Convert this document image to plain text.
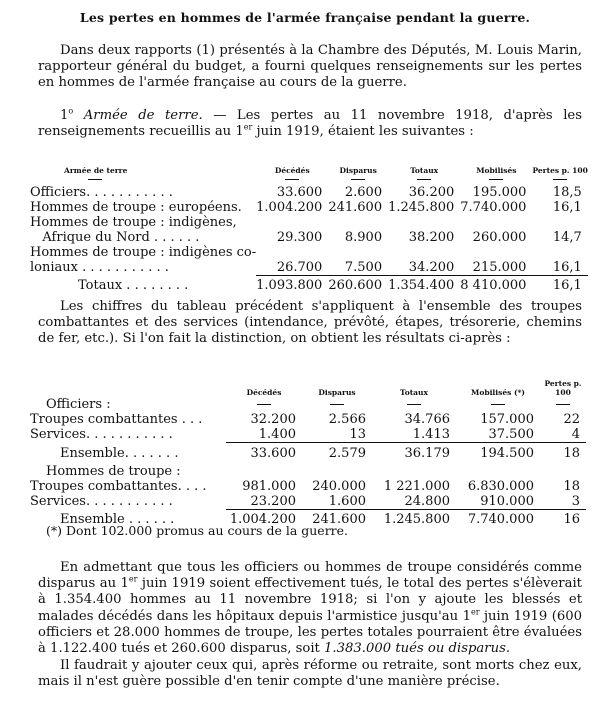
Les pertes en hommes de l'armée française pendant la guerre.

Dans deux rapports (1) présentés à la Chambre des Députés, M. Louis Marin, rapporteur général du budget, a fourni quelques renseignements sur les pertes en hommes de l'armée française au cours de la guerre.

1$^o$ Armée de terre. — Les pertes au 11 novembre 1918, d'après les renseignements recueillis au 1er juin 1919, étaient les suivantes :

Armée de terre	Décédés	Disparus	Totaux	Mobilisés	Pertes p. 100

Officiers. . . . . . . . . . .	33.600	2.600	36.200	195.000	18,5
Hommes de troupe : européens.	1.004.200	241.600	1.245.800	7.740.000	16,1
Hommes de troupe : indigènes,					
Afrique du Nord . . . . . .	29.300	8.900	38.200	260.000	14,7
Hommes de troupe : indigènes co-					
loniaux . . . . . . . . . . .	26.700	7.500	34.200	215.000	16,1
Totaux . . . . . . . .	1.093.800	260.600	1.354.400	8 410.000	16,1

Les chiffres du tableau précédent s'appliquent à l'ensemble des troupes combattantes et des services (intendance, prévôté, étapes, trésorerie, chemins de fer, etc.). Si l'on fait la distinction, on obtient les résultats ci-après :

	Décédés	Disparus	Totaux	Mobilisés (*)	Pertes p. 100
Officiers :					
Troupes combattantes . . .	32.200	2.566	34.766	157.000	22
Services. . . . . . . . . . .	1.400	13	1.413	37.500	4
Ensemble. . . . . . .	33.600	2.579	36.179	194.500	18
Hommes de troupe :					
Troupes combattantes. . . .	981.000	240.000	1 221.000	6.830.000	18
Services. . . . . . . . . . .	23.200	1.600	24.800	910.000	3
Ensemble . . . . . .	1.004.200	241.600	1.245.800	7.740.000	16
(*) Dont 102.000 promus au cours de la guerre.

En admettant que tous les officiers ou hommes de troupe considérés comme disparus au 1er juin 1919 soient effectivement tués, le total des pertes s'élèverait à 1.354.400 hommes au 11 novembre 1918; si l'on y ajoute les blessés et malades décédés dans les hôpitaux depuis l'armistice jusqu'au 1er juin 1919 (600 officiers et 28.000 hommes de troupe, les pertes totales pourraient être évaluées à 1.122.400 tués et 260.600 disparus, soit 1.383.000 tués ou disparus.

Il faudrait y ajouter ceux qui, après réforme ou retraite, sont morts chez eux, mais il n'est guère possible d'en tenir compte d'une manière précise.
